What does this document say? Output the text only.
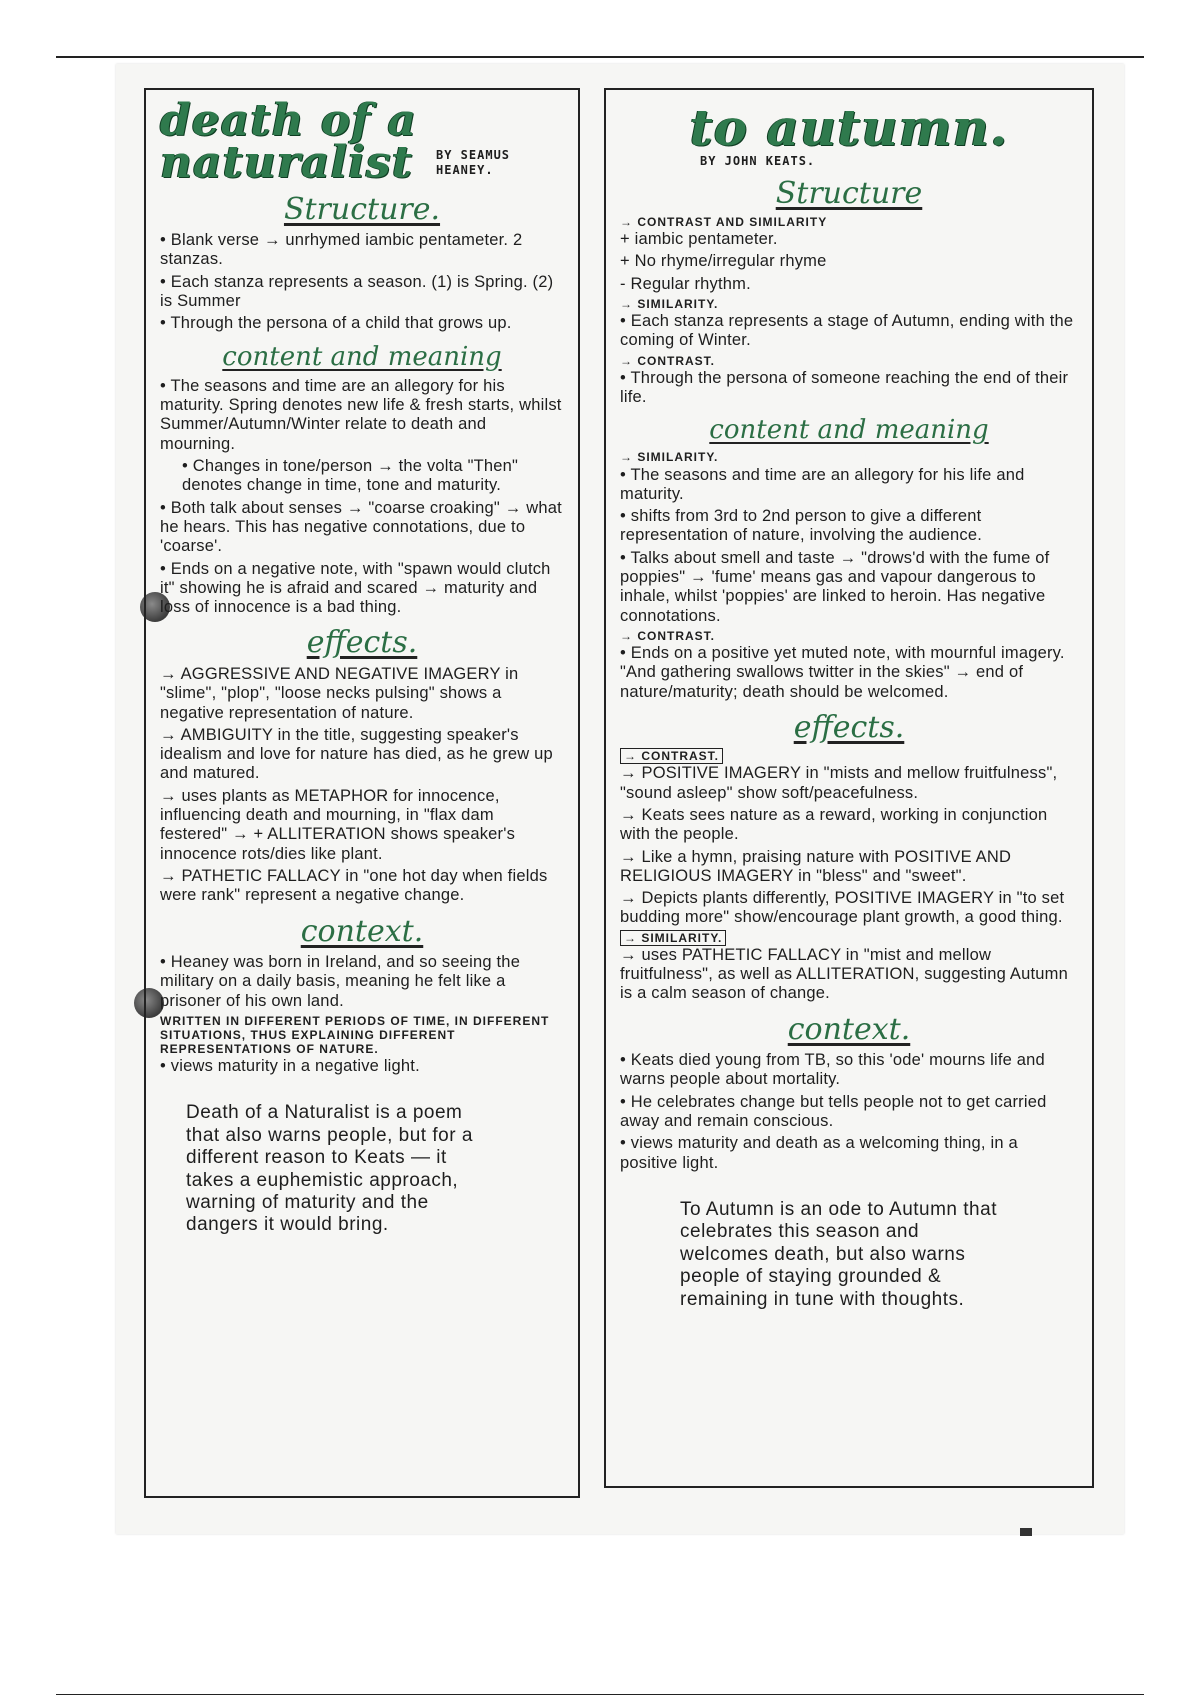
death of a naturalist	BY SEAMUS HEANEY.
Structure.
• Blank verse → unrhymed iambic pentameter. 2 stanzas.
• Each stanza represents a season. (1) is Spring. (2) is Summer
• Through the persona of a child that grows up.
content and meaning
• The seasons and time are an allegory for his maturity. Spring denotes new life & fresh starts, whilst Summer/Autumn/Winter relate to death and mourning.
• Changes in tone/person → the volta "Then" denotes change in time, tone and maturity.
• Both talk about senses → "coarse croaking" → what he hears. This has negative connotations, due to 'coarse'.
• Ends on a negative note, with "spawn would clutch it" showing he is afraid and scared → maturity and loss of innocence is a bad thing.
effects.
→ AGGRESSIVE AND NEGATIVE IMAGERY in "slime", "plop", "loose necks pulsing" shows a negative representation of nature.
→ AMBIGUITY in the title, suggesting speaker's idealism and love for nature has died, as he grew up and matured.
→ uses plants as METAPHOR for innocence, influencing death and mourning, in "flax dam festered" → + ALLITERATION shows speaker's innocence rots/dies like plant.
→ PATHETIC FALLACY in "one hot day when fields were rank" represent a negative change.
context.
• Heaney was born in Ireland, and so seeing the military on a daily basis, meaning he felt like a prisoner of his own land.
WRITTEN IN DIFFERENT PERIODS OF TIME, IN DIFFERENT SITUATIONS, THUS EXPLAINING DIFFERENT REPRESENTATIONS OF NATURE.
• views maturity in a negative light.
Death of a Naturalist is a poem that also warns people, but for a different reason to Keats — it takes a euphemistic approach, warning of maturity and the dangers it would bring.
to autumn.
BY JOHN KEATS.
Structure
→ CONTRAST AND SIMILARITY
+ iambic pentameter.
+ No rhyme/irregular rhyme
- Regular rhythm.
→ SIMILARITY.
• Each stanza represents a stage of Autumn, ending with the coming of Winter.
→ CONTRAST.
• Through the persona of someone reaching the end of their life.
content and meaning
→ SIMILARITY.
• The seasons and time are an allegory for his life and maturity.
• shifts from 3rd to 2nd person to give a different representation of nature, involving the audience.
• Talks about smell and taste → "drows'd with the fume of poppies" → 'fume' means gas and vapour dangerous to inhale, whilst 'poppies' are linked to heroin. Has negative connotations.
→ CONTRAST.
• Ends on a positive yet muted note, with mournful imagery. "And gathering swallows twitter in the skies" → end of nature/maturity; death should be welcomed.
effects.
→ CONTRAST.
→ POSITIVE IMAGERY in "mists and mellow fruitfulness", "sound asleep" show soft/peacefulness.
→ Keats sees nature as a reward, working in conjunction with the people.
→ Like a hymn, praising nature with POSITIVE AND RELIGIOUS IMAGERY in "bless" and "sweet".
→ Depicts plants differently, POSITIVE IMAGERY in "to set budding more" show/encourage plant growth, a good thing.
→ SIMILARITY.
→ uses PATHETIC FALLACY in "mist and mellow fruitfulness", as well as ALLITERATION, suggesting Autumn is a calm season of change.
context.
• Keats died young from TB, so this 'ode' mourns life and warns people about mortality.
• He celebrates change but tells people not to get carried away and remain conscious.
• views maturity and death as a welcoming thing, in a positive light.
To Autumn is an ode to Autumn that celebrates this season and welcomes death, but also warns people of staying grounded & remaining in tune with thoughts.
